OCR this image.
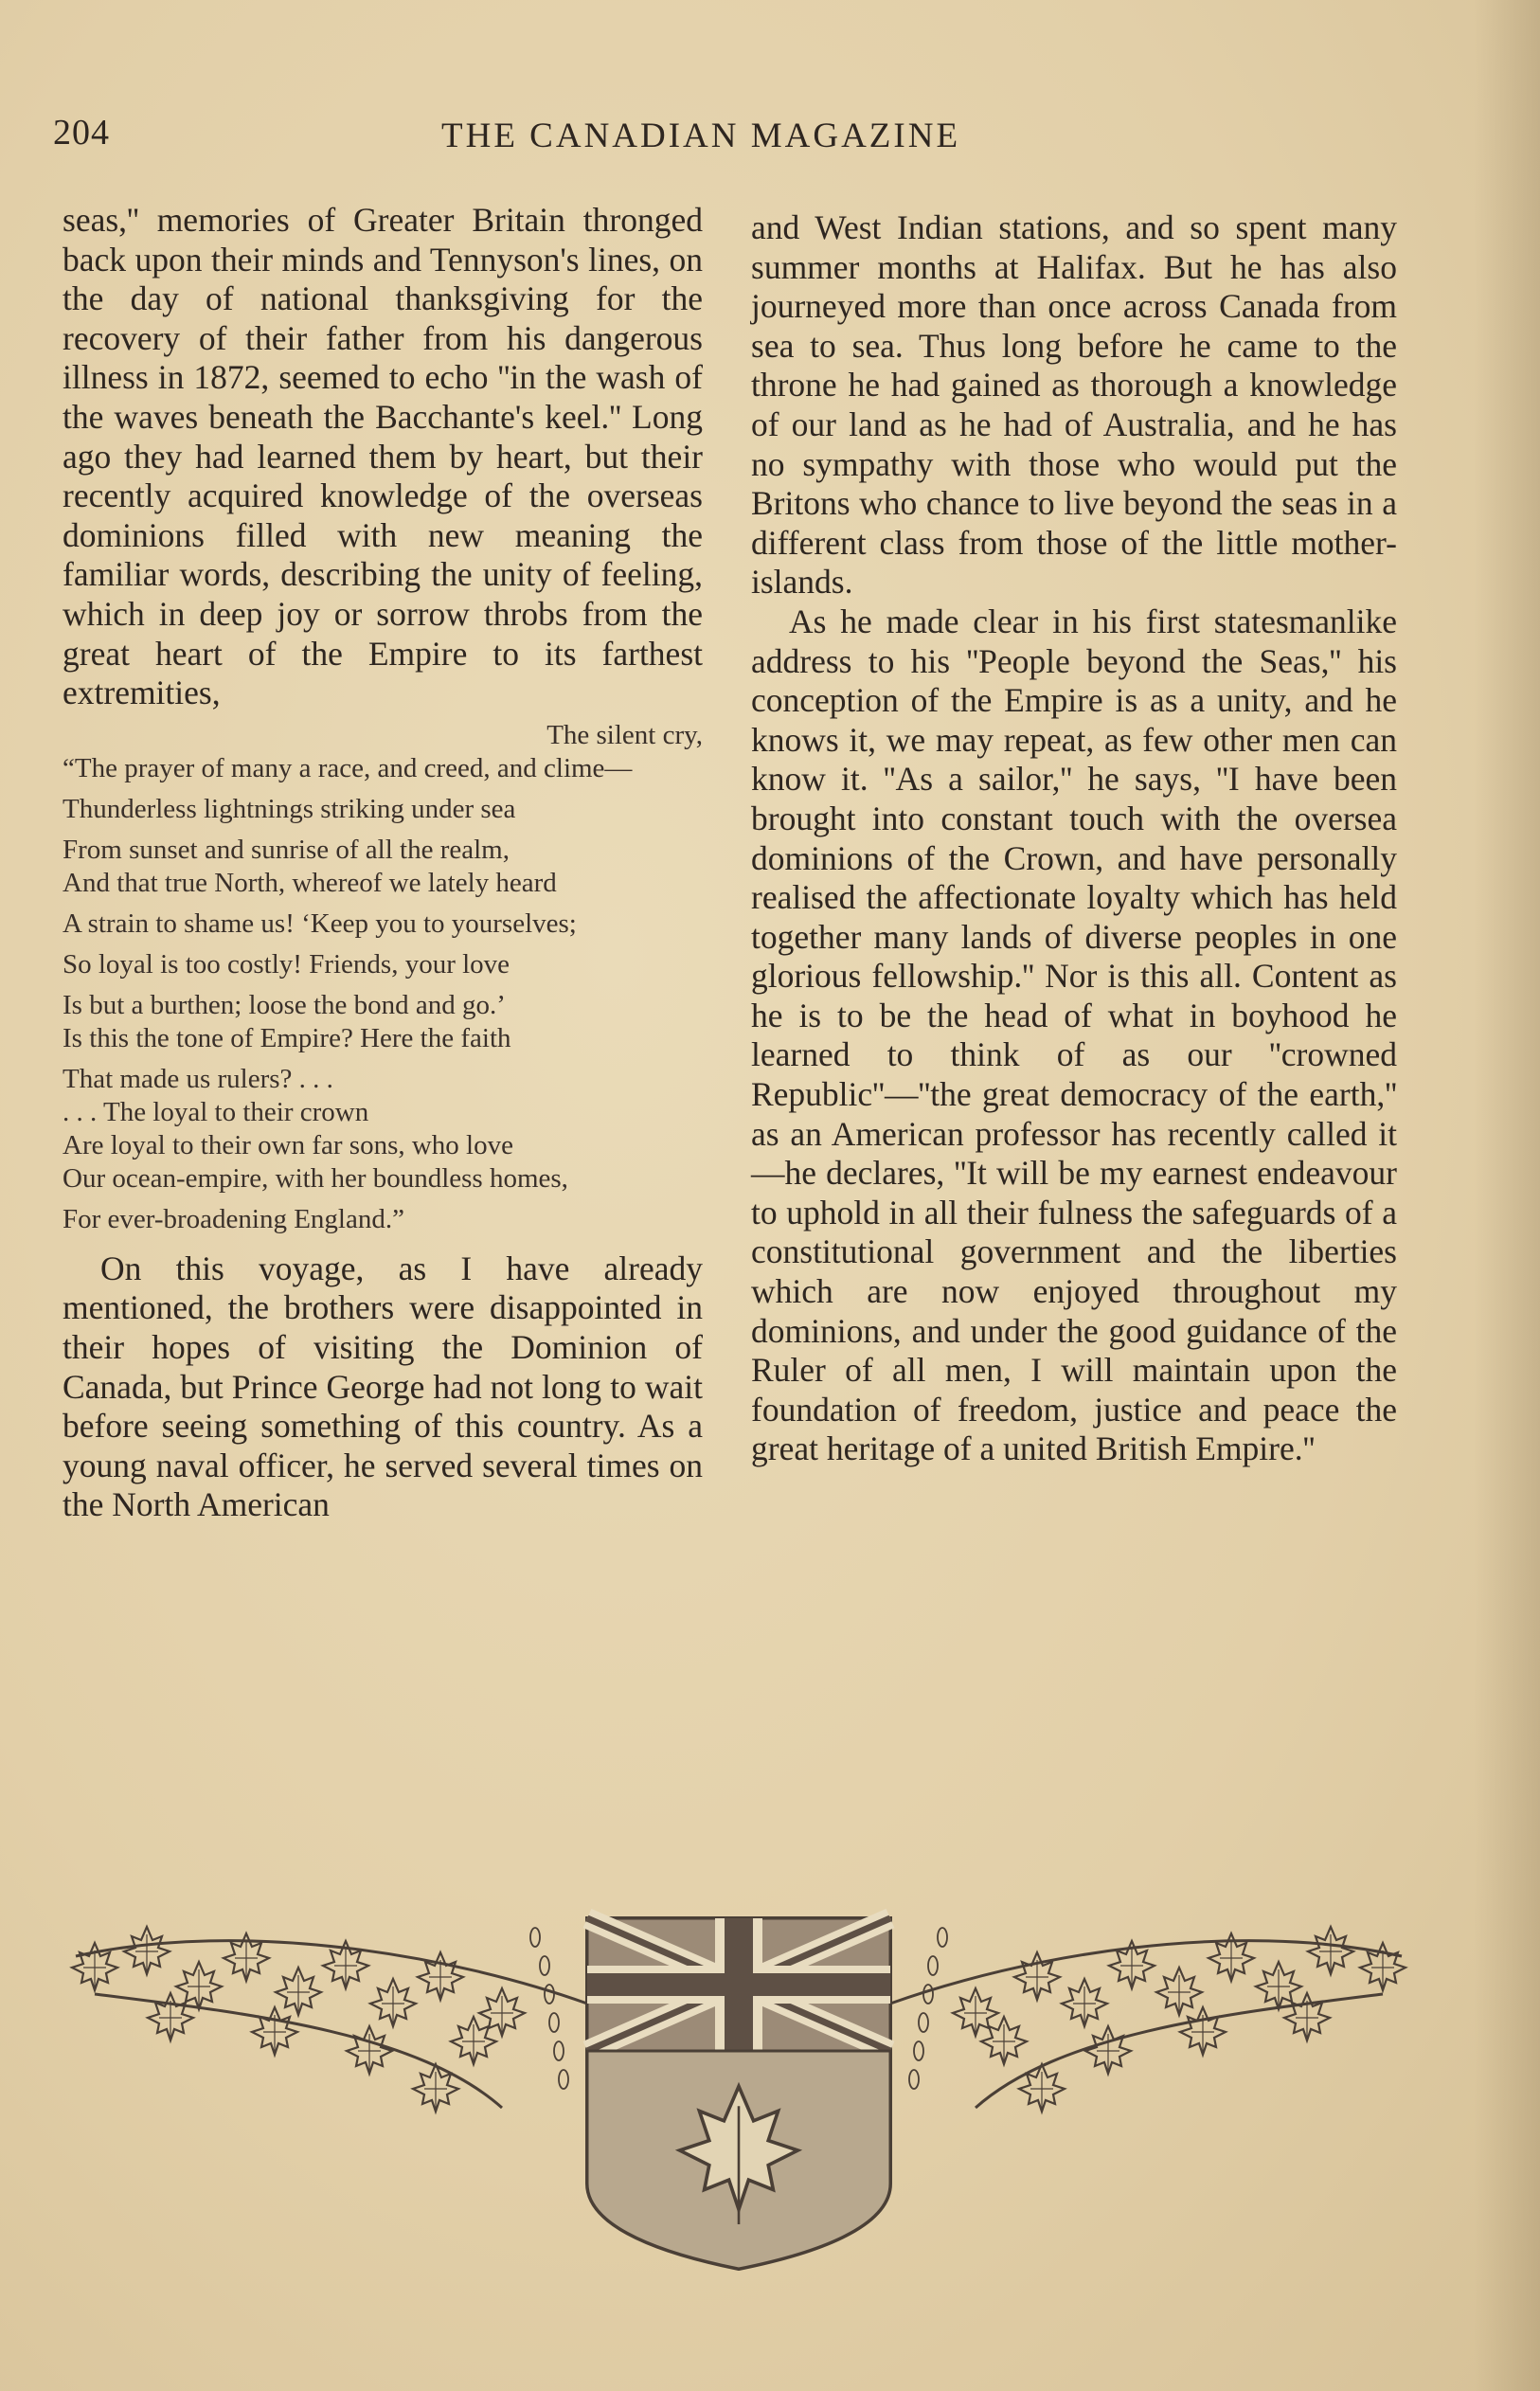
204	THE CANADIAN MAGAZINE

seas,'' memories of Greater Britain thronged back upon their minds and Tennyson's lines, on the day of national thanksgiving for the recovery of their father from his dangerous illness in 1872, seemed to echo ''in the wash of the waves beneath the Bacchante's keel.'' Long ago they had learned them by heart, but their recently acquired knowledge of the overseas dominions filled with new meaning the familiar words, describing the unity of feeling, which in deep joy or sorrow throbs from the great heart of the Empire to its farthest extremities,

The silent cry,
“The prayer of many a race, and creed, and clime—
Thunderless lightnings striking under sea
From sunset and sunrise of all the realm,
And that true North, whereof we lately heard
A strain to shame us! ‘Keep you to yourselves;
So loyal is too costly! Friends, your love
Is but a burthen; loose the bond and go.’
Is this the tone of Empire? Here the faith
That made us rulers? . . .
. . . The loyal to their crown
Are loyal to their own far sons, who love
Our ocean-empire, with her boundless homes,
For ever-broadening England.”

On this voyage, as I have already mentioned, the brothers were disappointed in their hopes of visiting the Dominion of Canada, but Prince George had not long to wait before seeing something of this country. As a young naval officer, he served several times on the North American

and West Indian stations, and so spent many summer months at Halifax. But he has also journeyed more than once across Canada from sea to sea. Thus long before he came to the throne he had gained as thorough a knowledge of our land as he had of Australia, and he has no sympathy with those who would put the Britons who chance to live beyond the seas in a different class from those of the little mother-islands.

As he made clear in his first statesmanlike address to his ''People beyond the Seas,'' his conception of the Empire is as a unity, and he knows it, we may repeat, as few other men can know it. ''As a sailor,'' he says, ''I have been brought into constant touch with the oversea dominions of the Crown, and have personally realised the affectionate loyalty which has held together many lands of diverse peoples in one glorious fellowship.'' Nor is this all. Content as he is to be the head of what in boyhood he learned to think of as our ''crowned Republic''—''the great democracy of the earth,'' as an American professor has recently called it—he declares, ''It will be my earnest endeavour to uphold in all their fulness the safeguards of a constitutional government and the liberties which are now enjoyed throughout my dominions, and under the good guidance of the Ruler of all men, I will maintain upon the foundation of freedom, justice and peace the great heritage of a united British Empire.''
